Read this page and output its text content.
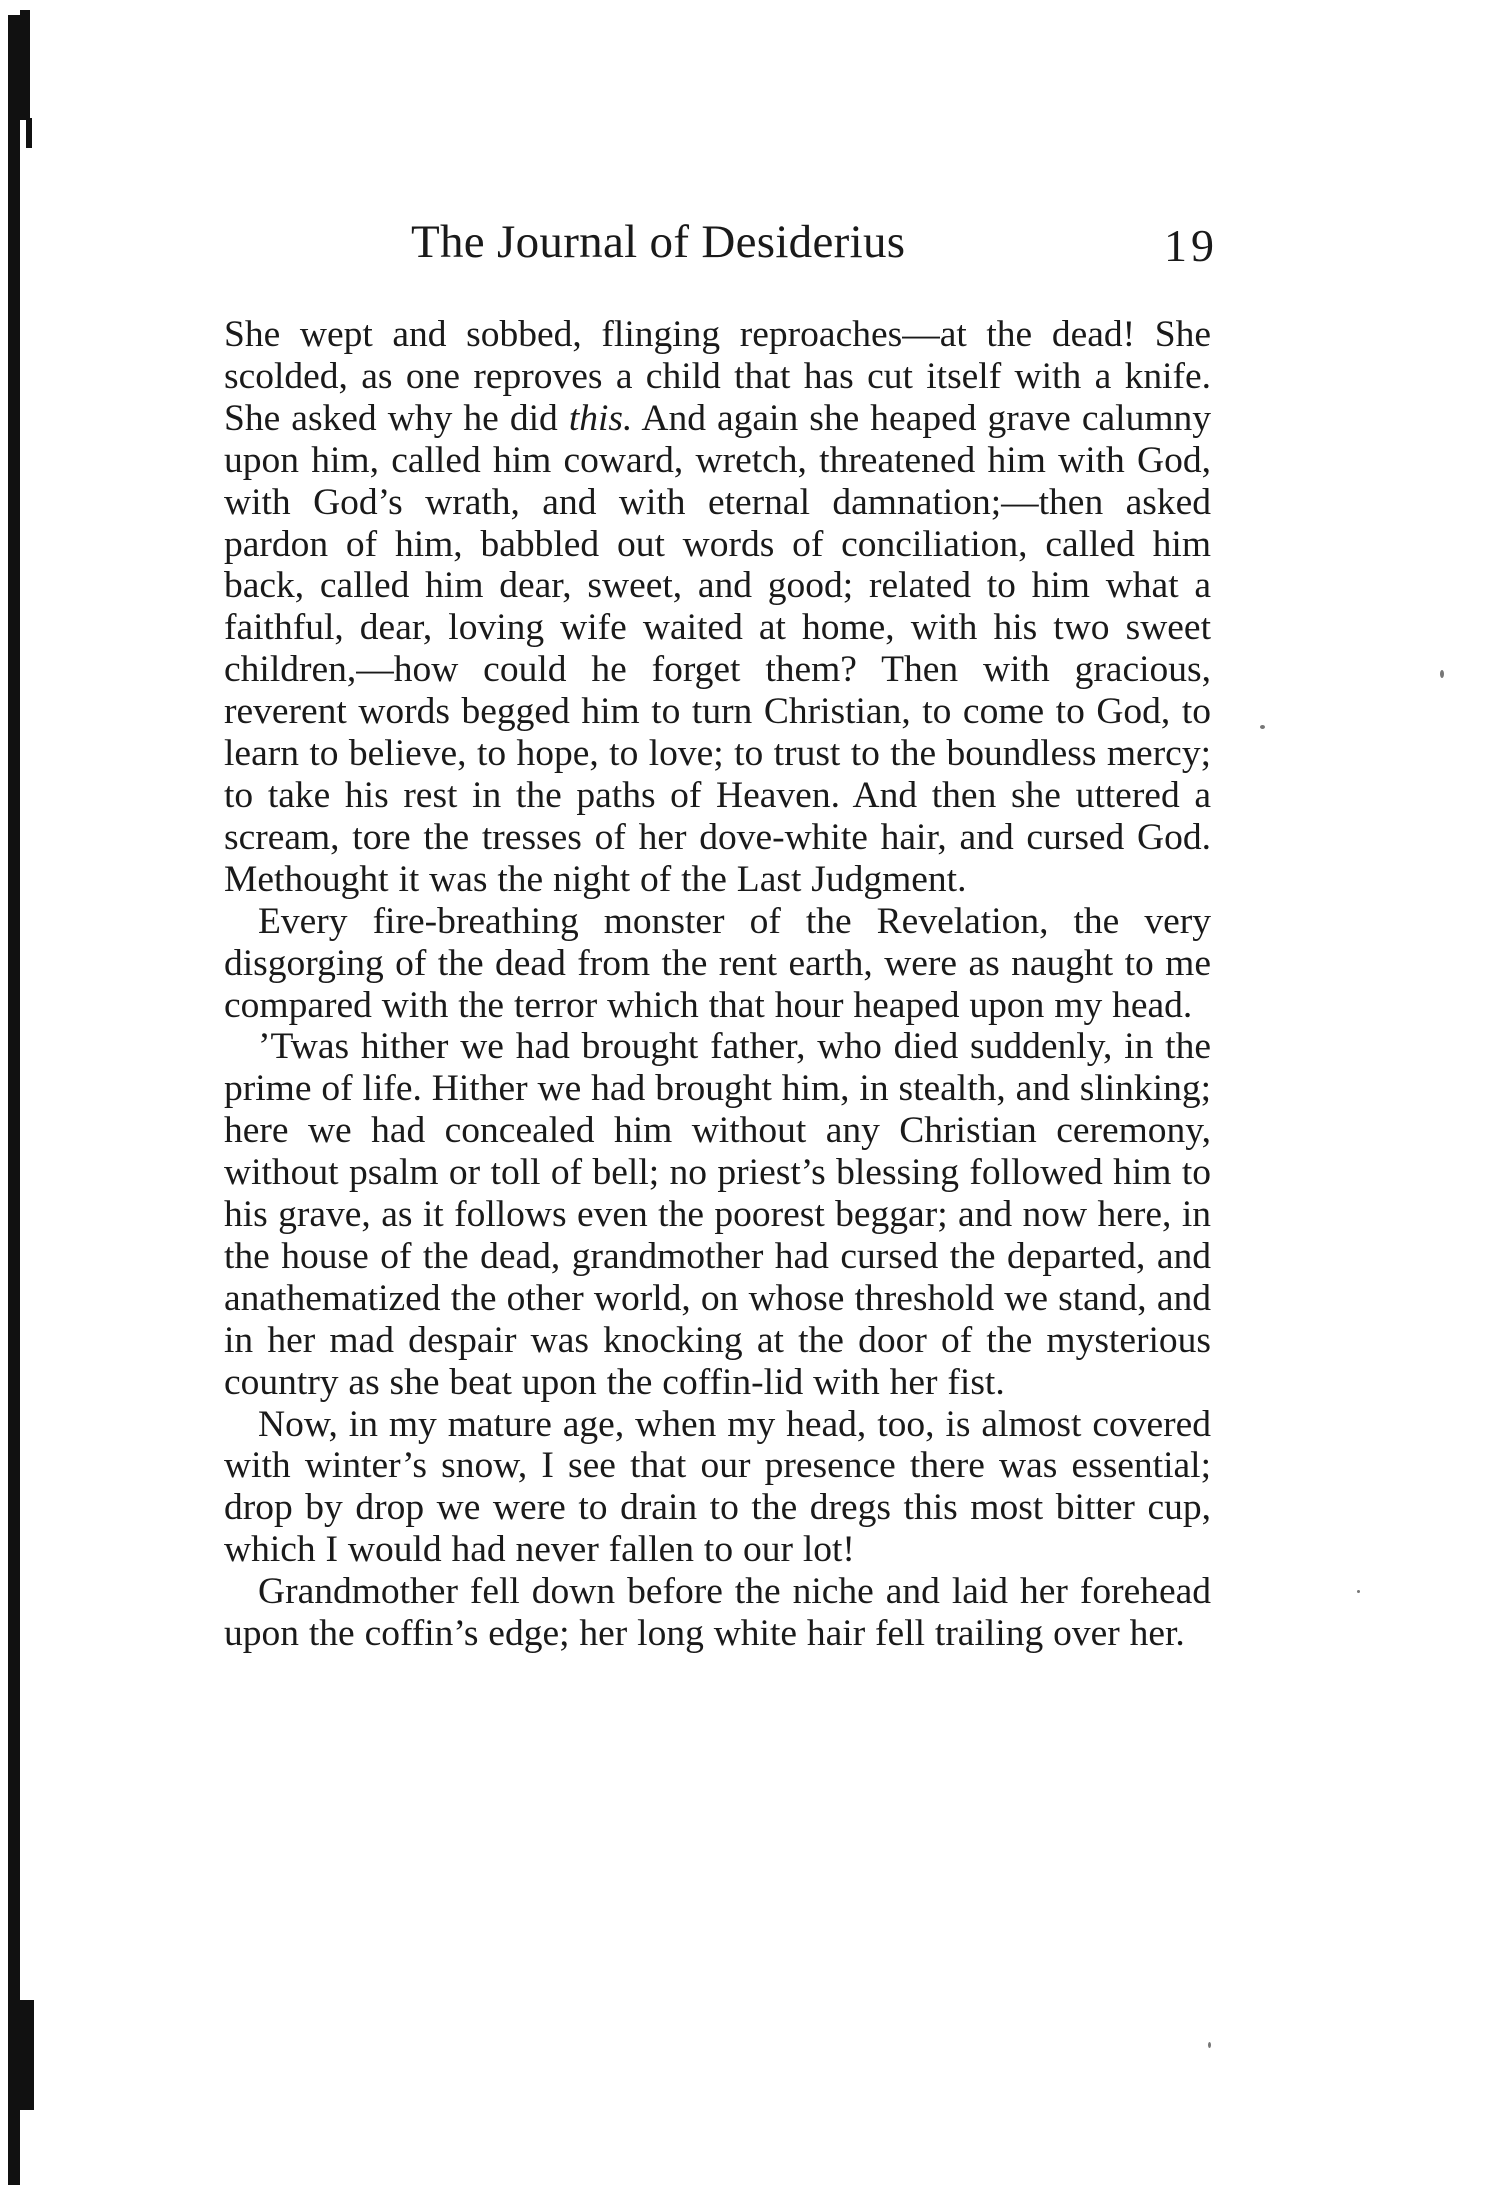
The Journal of Desiderius	19

She wept and sobbed, flinging reproaches—at the dead! She scolded, as one reproves a child that has cut itself with a knife. She asked why he did this. And again she heaped grave calumny upon him, called him coward, wretch, threatened him with God, with God’s wrath, and with eternal damnation;—then asked pardon of him, babbled out words of conciliation, called him back, called him dear, sweet, and good; related to him what a faithful, dear, loving wife waited at home, with his two sweet children,—how could he forget them? Then with gracious, reverent words begged him to turn Christian, to come to God, to learn to believe, to hope, to love; to trust to the boundless mercy; to take his rest in the paths of Heaven. And then she uttered a scream, tore the tresses of her dove-white hair, and cursed God. Methought it was the night of the Last Judgment.

Every fire-breathing monster of the Revelation, the very disgorging of the dead from the rent earth, were as naught to me compared with the terror which that hour heaped upon my head.

’Twas hither we had brought father, who died suddenly, in the prime of life. Hither we had brought him, in stealth, and slinking; here we had concealed him without any Christian ceremony, without psalm or toll of bell; no priest’s blessing followed him to his grave, as it follows even the poorest beggar; and now here, in the house of the dead, grandmother had cursed the departed, and anathematized the other world, on whose threshold we stand, and in her mad despair was knocking at the door of the mysterious country as she beat upon the coffin-lid with her fist.

Now, in my mature age, when my head, too, is almost covered with winter’s snow, I see that our presence there was essential; drop by drop we were to drain to the dregs this most bitter cup, which I would had never fallen to our lot!

Grandmother fell down before the niche and laid her forehead upon the coffin’s edge; her long white hair fell trailing over her.
